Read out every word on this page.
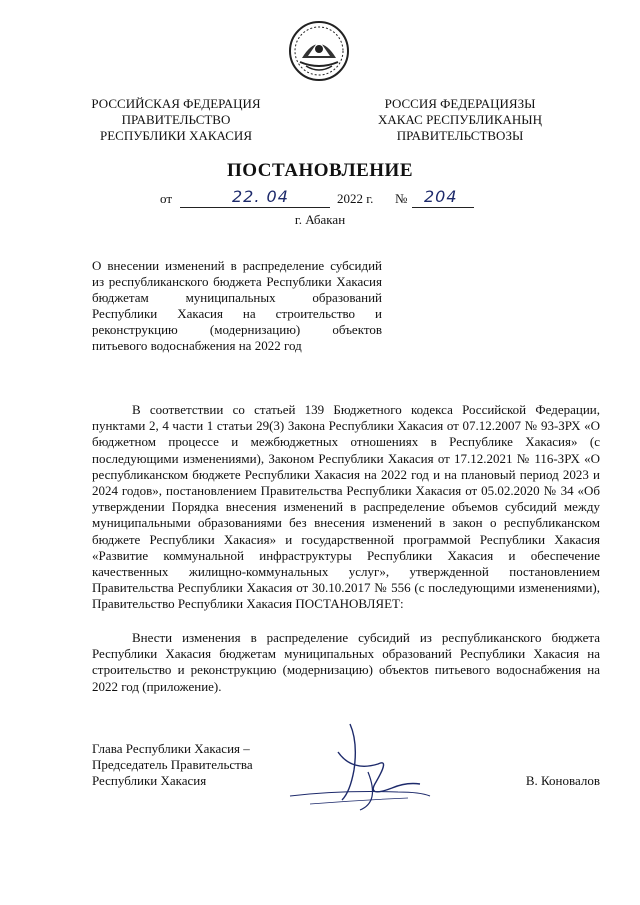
РОССИЙСКАЯ ФЕДЕРАЦИЯ
ПРАВИТЕЛЬСТВО
РЕСПУБЛИКИ ХАКАСИЯ
РОССИЯ ФЕДЕРАЦИЯЗЫ
ХАКАС РЕСПУБЛИКАНЫҢ
ПРАВИТЕЛЬСТВОЗЫ
ПОСТАНОВЛЕНИЕ
от	22. 04	2022 г. № 204
г. Абакан
О внесении изменений в распределение субсидий из республиканского бюджета Республики Хакасия бюджетам муниципальных образований Республики Хакасия на строительство и реконструкцию (модернизацию) объектов питьевого водоснабжения на 2022 год
В соответствии со статьей 139 Бюджетного кодекса Российской Федерации, пунктами 2, 4 части 1 статьи 29(3) Закона Республики Хакасия от 07.12.2007 № 93-ЗРХ «О бюджетном процессе и межбюджетных отношениях в Республике Хакасия» (с последующими изменениями), Законом Республики Хакасия от 17.12.2021 № 116-ЗРХ «О республиканском бюджете Республики Хакасия на 2022 год и на плановый период 2023 и 2024 годов», постановлением Правительства Республики Хакасия от 05.02.2020 № 34 «Об утверждении Порядка внесения изменений в распределение объемов субсидий между муниципальными образованиями без внесения изменений в закон о республиканском бюджете Республики Хакасия» и государственной программой Республики Хакасия «Развитие коммунальной инфраструктуры Республики Хакасия и обеспечение качественных жилищно-коммунальных услуг», утвержденной постановлением Правительства Республики Хакасия от 30.10.2017 № 556 (с последующими изменениями), Правительство Республики Хакасия ПОСТАНОВЛЯЕТ:
Внести изменения в распределение субсидий из республиканского бюджета Республики Хакасия бюджетам муниципальных образований Республики Хакасия на строительство и реконструкцию (модернизацию) объектов питьевого водоснабжения на 2022 год (приложение).
Глава Республики Хакасия –
Председатель Правительства
Республики Хакасия	В. Коновалов
